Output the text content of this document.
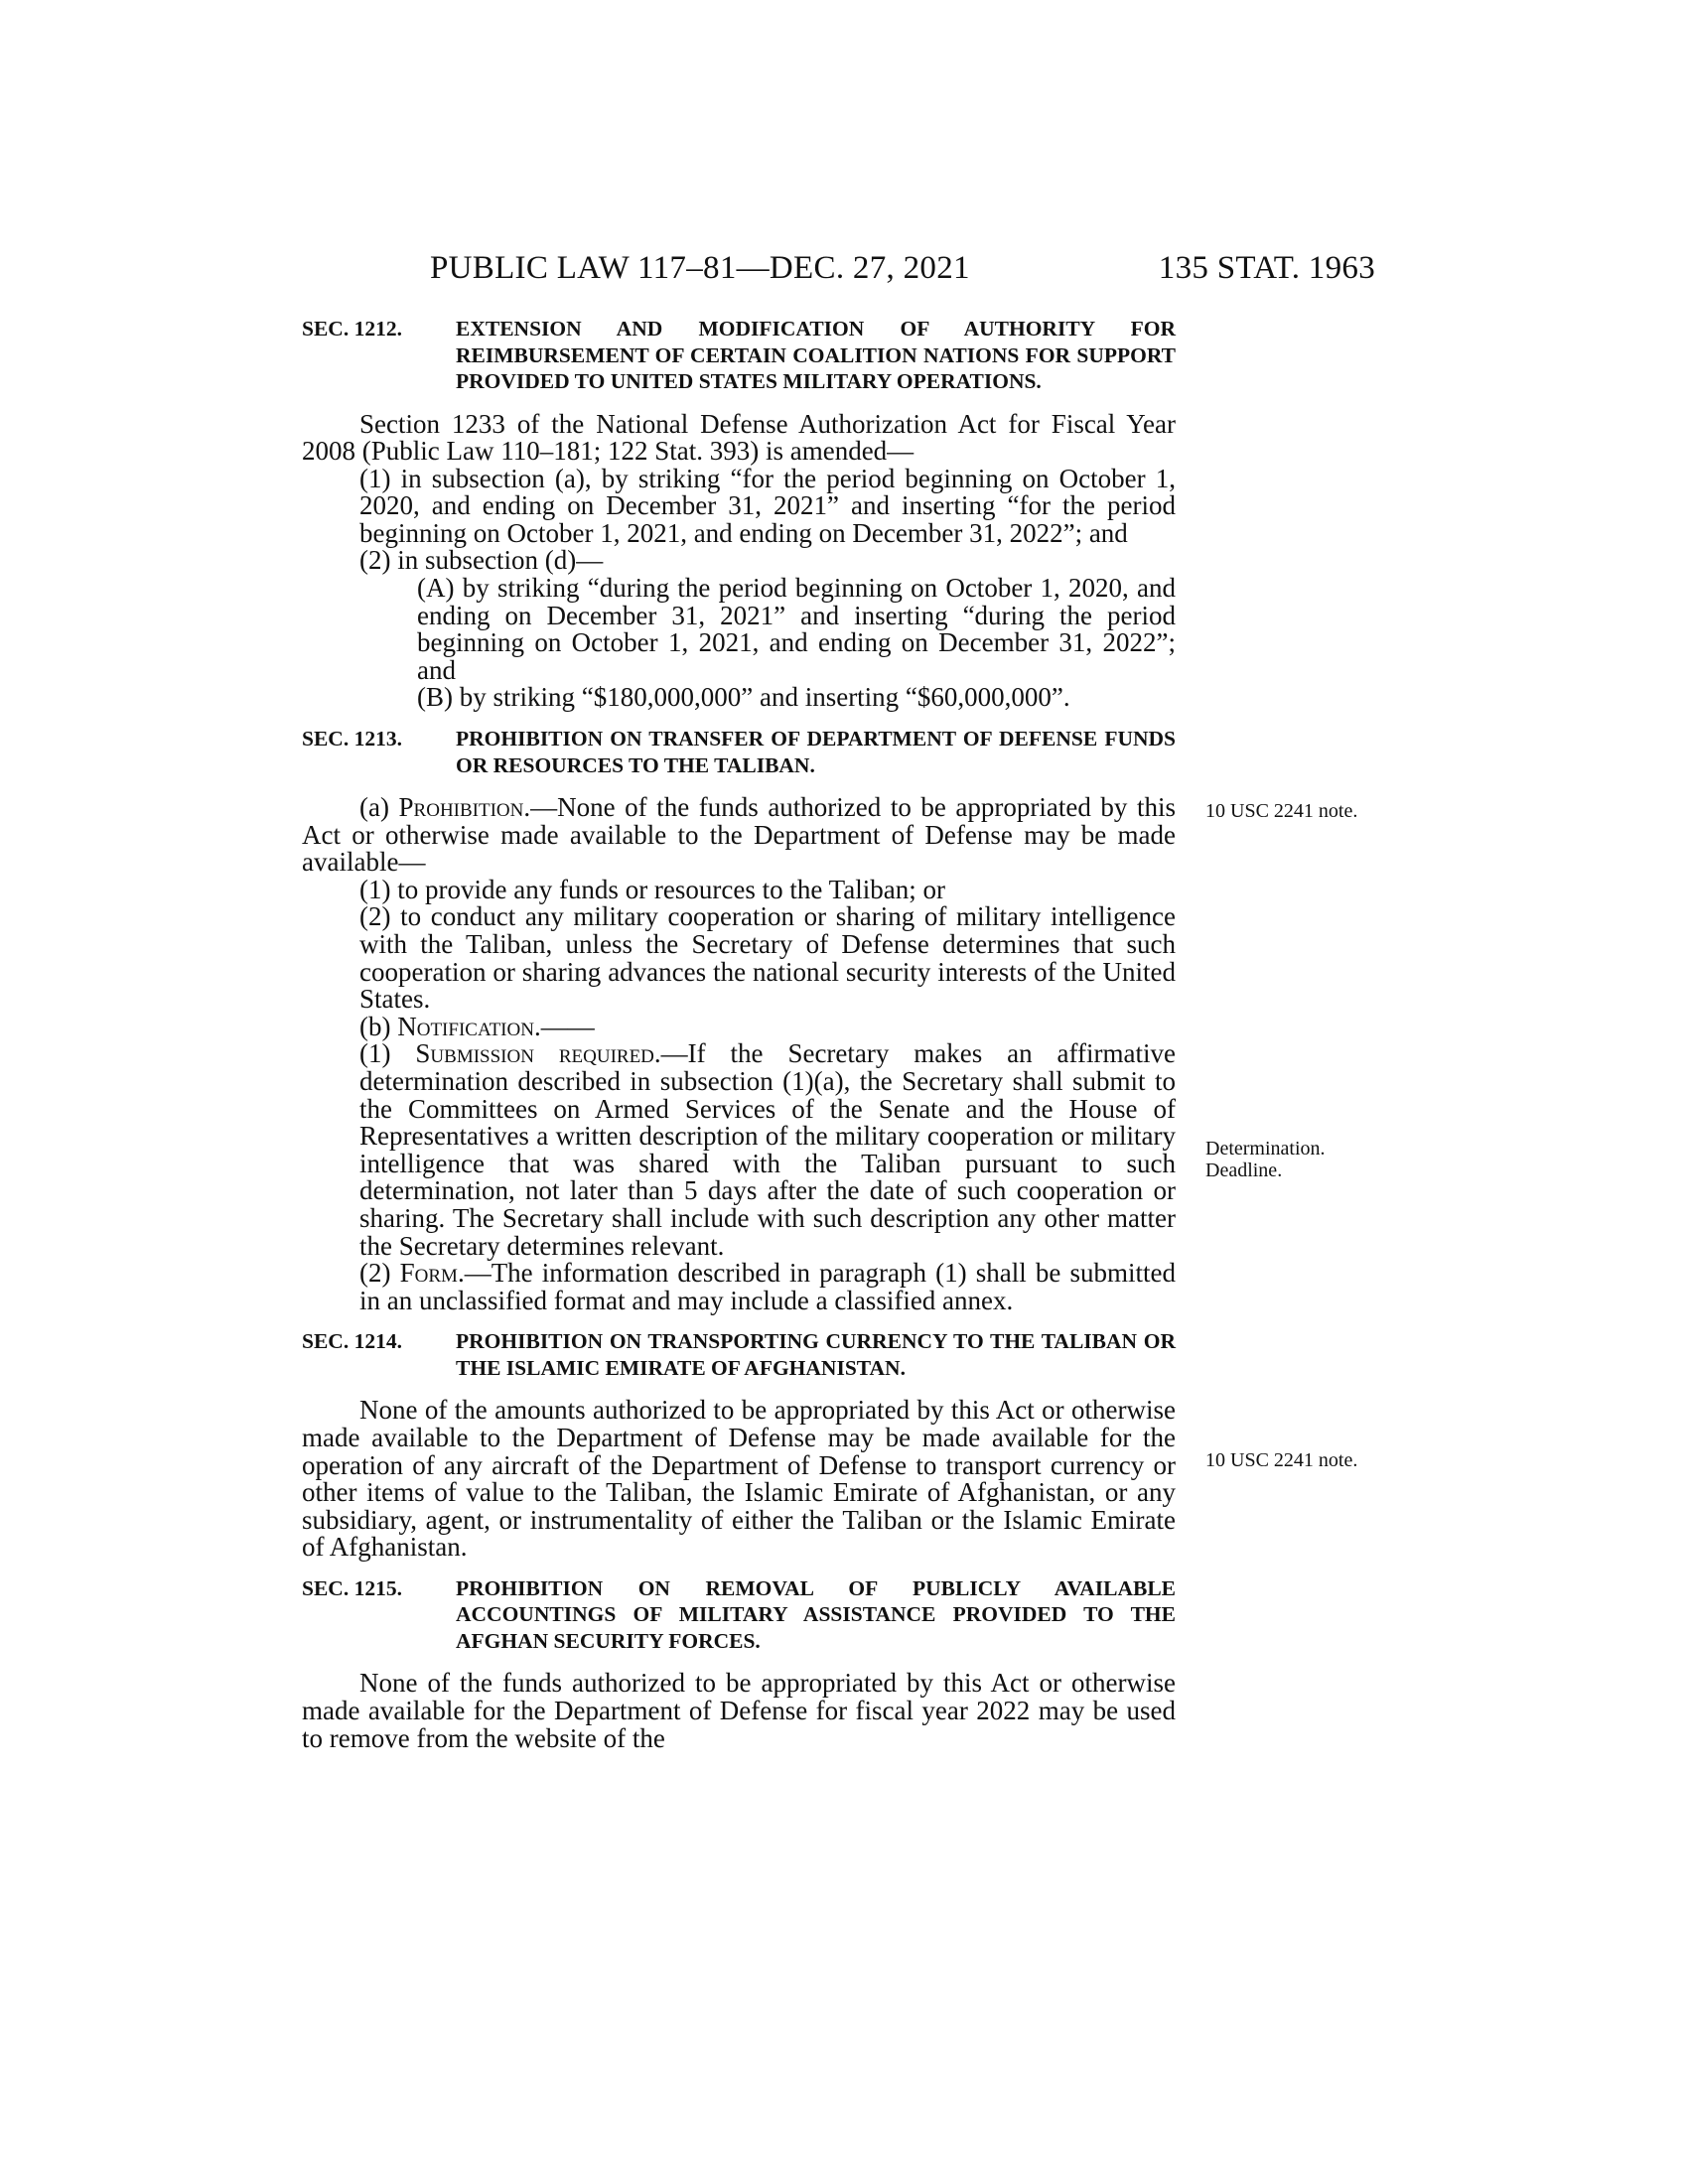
PUBLIC LAW 117–81—DEC. 27, 2021	135 STAT. 1963
SEC. 1212.	EXTENSION AND MODIFICATION OF AUTHORITY FOR REIMBURSEMENT OF CERTAIN COALITION NATIONS FOR SUPPORT PROVIDED TO UNITED STATES MILITARY OPERATIONS.

Section 1233 of the National Defense Authorization Act for Fiscal Year 2008 (Public Law 110–181; 122 Stat. 393) is amended—

(1) in subsection (a), by striking “for the period beginning on October 1, 2020, and ending on December 31, 2021” and inserting “for the period beginning on October 1, 2021, and ending on December 31, 2022”; and

(2) in subsection (d)—

(A) by striking “during the period beginning on October 1, 2020, and ending on December 31, 2021” and inserting “during the period beginning on October 1, 2021, and ending on December 31, 2022”; and

(B) by striking “$180,000,000” and inserting “$60,000,000”.

SEC. 1213.	PROHIBITION ON TRANSFER OF DEPARTMENT OF DEFENSE FUNDS OR RESOURCES TO THE TALIBAN.

(a) Prohibition.—None of the funds authorized to be appropriated by this Act or otherwise made available to the Department of Defense may be made available—

(1) to provide any funds or resources to the Taliban; or

(2) to conduct any military cooperation or sharing of military intelligence with the Taliban, unless the Secretary of Defense determines that such cooperation or sharing advances the national security interests of the United States.

(b) Notification.——

(1) Submission required.—If the Secretary makes an affirmative determination described in subsection (1)(a), the Secretary shall submit to the Committees on Armed Services of the Senate and the House of Representatives a written description of the military cooperation or military intelligence that was shared with the Taliban pursuant to such determination, not later than 5 days after the date of such cooperation or sharing. The Secretary shall include with such description any other matter the Secretary determines relevant.

(2) Form.—The information described in paragraph (1) shall be submitted in an unclassified format and may include a classified annex.

SEC. 1214.	PROHIBITION ON TRANSPORTING CURRENCY TO THE TALIBAN OR THE ISLAMIC EMIRATE OF AFGHANISTAN.

None of the amounts authorized to be appropriated by this Act or otherwise made available to the Department of Defense may be made available for the operation of any aircraft of the Department of Defense to transport currency or other items of value to the Taliban, the Islamic Emirate of Afghanistan, or any subsidiary, agent, or instrumentality of either the Taliban or the Islamic Emirate of Afghanistan.

SEC. 1215.	PROHIBITION ON REMOVAL OF PUBLICLY AVAILABLE ACCOUNTINGS OF MILITARY ASSISTANCE PROVIDED TO THE AFGHAN SECURITY FORCES.

None of the funds authorized to be appropriated by this Act or otherwise made available for the Department of Defense for fiscal year 2022 may be used to remove from the website of the

10 USC 2241 note.
Determination. Deadline.
10 USC 2241 note.
